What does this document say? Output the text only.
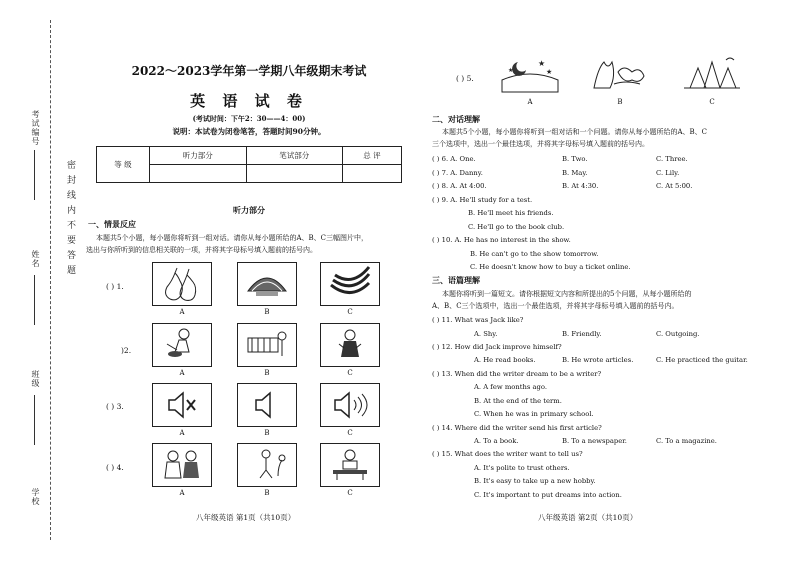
考试编号
姓名
班级
学校
密封线内不要答题
2022～2023学年第一学期八年级期末考试
英 语 试 卷
(考试时间：下午2：30——4：00)
说明：本试卷为闭卷笔答，答题时间90分钟。
等 级	听力部分	笔试部分	总 评

听力部分
一、情景反应
本题共5个小题，每小题你将听到一组对话。请你从每小题所给的A、B、C三幅图片中，
选出与你所听到的信息相关联的一项，并将其字母标号填入题前的括号内。
( ) 1.
)2.
( ) 3.
( ) 4.
A	B	C
A	B	C
A	B	C
A	B	C
八年级英语 第1页（共10页）
( ) 5.
★
★
★
A	B	C
二、对话理解
本题共5个小题，每小题你将听到一组对话和一个问题。请你从每小题所给的A、B、C
三个选项中，选出一个最佳选项，并将其字母标号填入题前的括号内。
( ) 6. A. One.	B. Two.	C. Three.
( ) 7. A. Danny.	B. May.	C. Lily.
( ) 8. A. At 4:00.	B. At 4:30.	C. At 5:00.
( ) 9. A. He'll study for a test.
B. He'll meet his friends.
C. He'll go to the book club.
( ) 10. A. He has no interest in the show.
B. He can't go to the show tomorrow.
C. He doesn't know how to buy a ticket online.
三、语篇理解
本题你将听到一篇短文。请你根据短文内容和所提出的5个问题，从每小题所给的
A、B、C三个选项中，选出一个最佳选项，并将其字母标号填入题前的括号内。
( ) 11. What was Jack like?
A. Shy.	B. Friendly.	C. Outgoing.
( ) 12. How did Jack improve himself?
A. He read books.	B. He wrote articles.	C. He practiced the guitar.
( ) 13. When did the writer dream to be a writer?
A. A few months ago.
B. At the end of the term.
C. When he was in primary school.
( ) 14. Where did the writer send his first article?
A. To a book.	B. To a newspaper.	C. To a magazine.
( ) 15. What does the writer want to tell us?
A. It's polite to trust others.
B. It's easy to take up a new hobby.
C. It's important to put dreams into action.
八年级英语 第2页（共10页）
